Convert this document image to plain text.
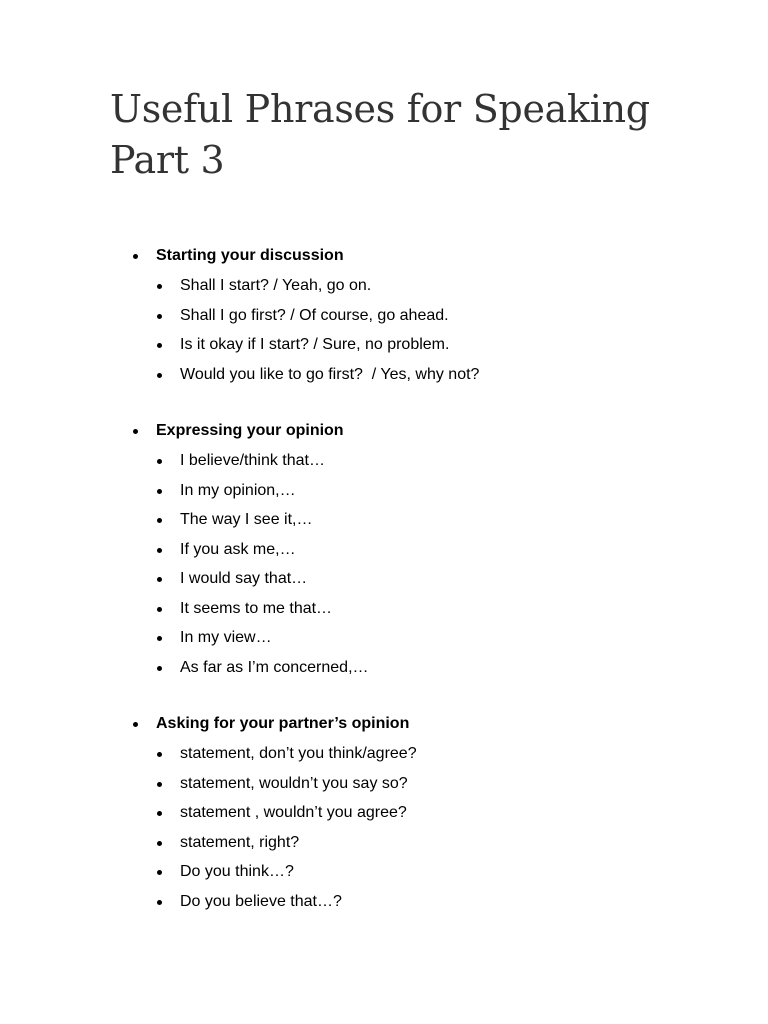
Useful Phrases for Speaking
Part 3
Starting your discussion
Shall I start? / Yeah, go on.
Shall I go first? / Of course, go ahead.
Is it okay if I start? / Sure, no problem.
Would you like to go first?  / Yes, why not?
Expressing your opinion
I believe/think that…
In my opinion,…
The way I see it,…
If you ask me,…
I would say that…
It seems to me that…
In my view…
As far as I’m concerned,…
Asking for your partner’s opinion
statement, don’t you think/agree?
statement, wouldn’t you say so?
statement , wouldn’t you agree?
statement, right?
Do you think…?
Do you believe that…?
